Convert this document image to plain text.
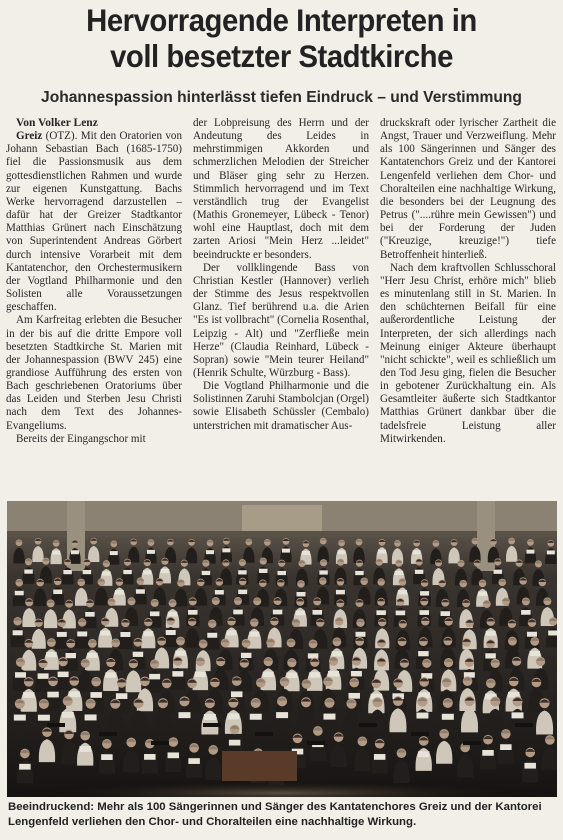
Hervorragende Interpreten in
voll besetzter Stadtkirche
Johannespassion hinterlässt tiefen Eindruck – und Verstimmung

Von Volker Lenz

Greiz (OTZ). Mit den Oratorien von Johann Sebastian Bach (1685-1750) fiel die Passionsmusik aus dem gottesdienstlichen Rahmen und wurde zur eigenen Kunstgattung. Bachs Werke hervorragend darzustellen – dafür hat der Greizer Stadtkantor Matthias Grünert nach Einschätzung von Superintendent Andreas Görbert durch intensive Vorarbeit mit dem Kantatenchor, den Orchestermusikern der Vogtland Philharmonie und den Solisten alle Voraussetzungen geschaffen.

Am Karfreitag erlebten die Besucher in der bis auf die dritte Empore voll besetzten Stadtkirche St. Marien mit der Johannespassion (BWV 245) eine grandiose Aufführung des ersten von Bach geschriebenen Oratoriums über das Leiden und Sterben Jesu Christi nach dem Text des Johannes-Evangeliums.

Bereits der Eingangschor mit

der Lobpreisung des Herrn und der Andeutung des Leides in mehrstimmigen Akkorden und schmerzlichen Melodien der Streicher und Bläser ging sehr zu Herzen. Stimmlich hervorragend und im Text verständlich trug der Evangelist (Mathis Gronemeyer, Lübeck - Tenor) wohl eine Hauptlast, doch mit dem zarten Ariosi "Mein Herz ...leidet" beeindruckte er besonders.

Der vollklingende Bass von Christian Kestler (Hannover) verlieh der Stimme des Jesus respektvollen Glanz. Tief berührend u.a. die Arien "Es ist vollbracht" (Cornelia Rosenthal, Leipzig - Alt) und "Zerfließe mein Herze" (Claudia Reinhard, Lübeck - Sopran) sowie "Mein teurer Heiland" (Henrik Schulte, Würzburg - Bass).

Die Vogtland Philharmonie und die Solistinnen Zaruhi Stambolcjan (Orgel) sowie Elisabeth Schüssler (Cembalo) unterstrichen mit dramatischer Aus-

druckskraft oder lyrischer Zartheit die Angst, Trauer und Verzweiflung. Mehr als 100 Sängerinnen und Sänger des Kantatenchors Greiz und der Kantorei Lengenfeld verliehen dem Chor- und Choralteilen eine nachhaltige Wirkung, die besonders bei der Leugnung des Petrus ("....rühre mein Gewissen") und bei der Forderung der Juden ("Kreuzige, kreuzige!") tiefe Betroffenheit hinterließ.

Nach dem kraftvollen Schlusschoral "Herr Jesu Christ, erhöre mich" blieb es minutenlang still in St. Marien. In den schüchternen Beifall für eine außerordentliche Leistung der Interpreten, der sich allerdings nach Meinung einiger Akteure überhaupt "nicht schickte", weil es schließlich um den Tod Jesu ging, fielen die Besucher in gebotener Zurückhaltung ein. Als Gesamtleiter äußerte sich Stadtkantor Matthias Grünert dankbar über die tadelsfreie Leistung aller Mitwirkenden.

Beeindruckend: Mehr als 100 Sängerinnen und Sänger des Kantatenchores Greiz und der Kantorei Lengenfeld verliehen den Chor- und Choralteilen eine nachhaltige Wirkung.
